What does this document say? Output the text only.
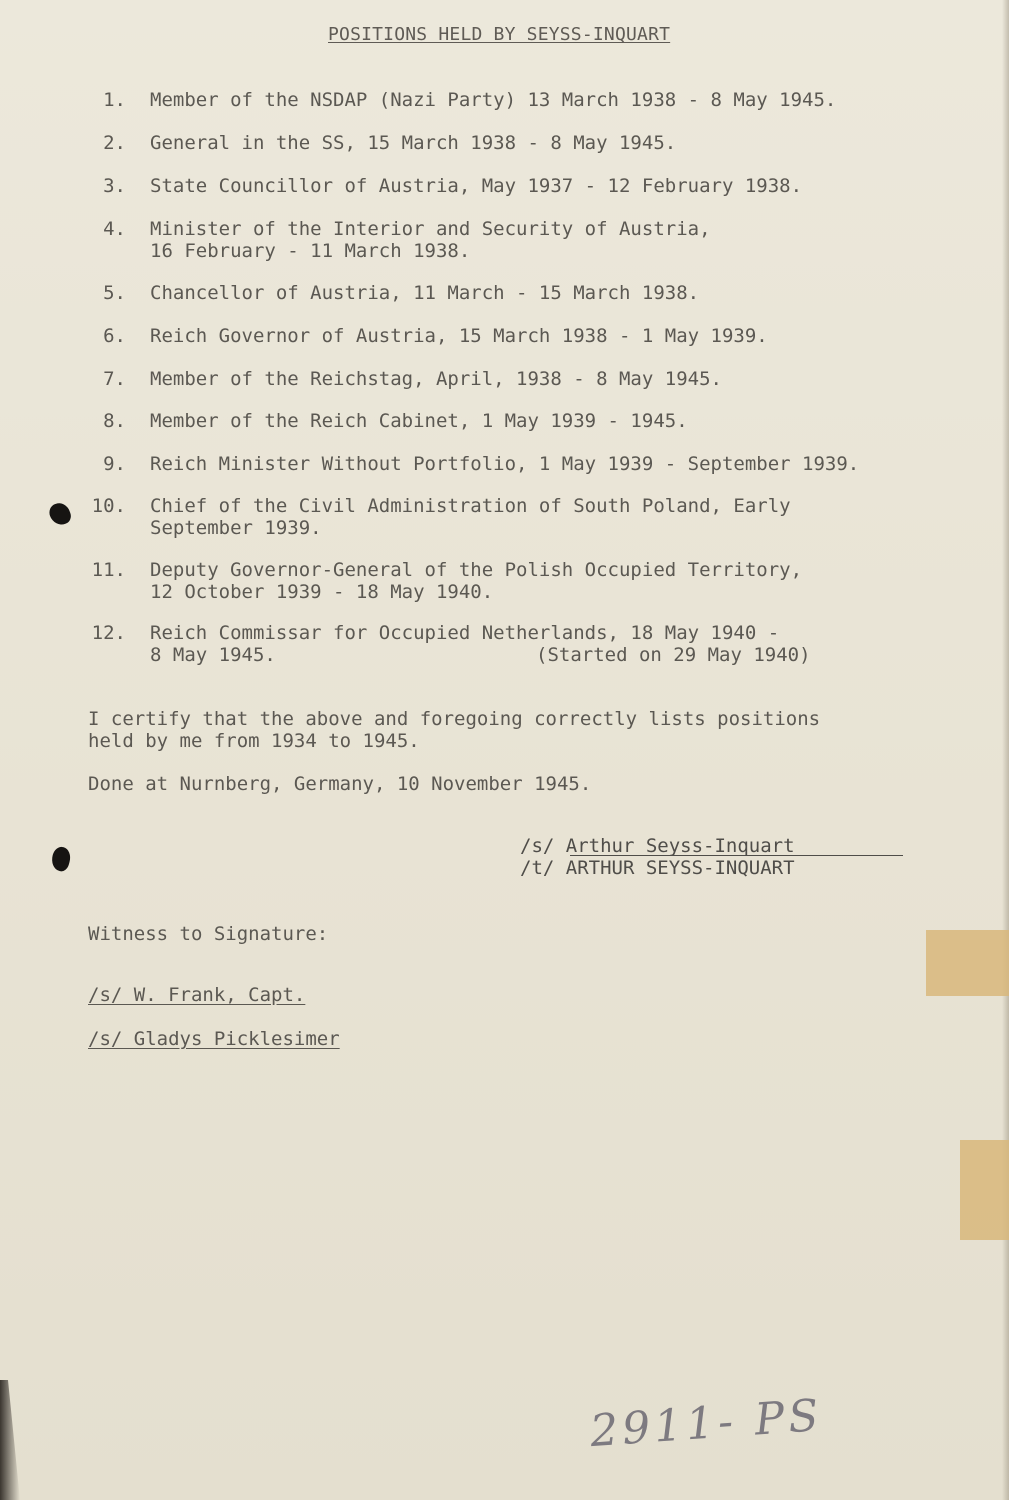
POSITIONS HELD BY SEYSS-INQUART
1. Member of the NSDAP (Nazi Party) 13 March 1938 - 8 May 1945.
2. General in the SS, 15 March 1938 - 8 May 1945.
3. State Councillor of Austria, May 1937 - 12 February 1938.
4. Minister of the Interior and Security of Austria,
16 February - 11 March 1938.
5. Chancellor of Austria, 11 March - 15 March 1938.
6. Reich Governor of Austria, 15 March 1938 - 1 May 1939.
7. Member of the Reichstag, April, 1938 - 8 May 1945.
8. Member of the Reich Cabinet, 1 May 1939 - 1945.
9. Reich Minister Without Portfolio, 1 May 1939 - September 1939.
10. Chief of the Civil Administration of South Poland, Early
September 1939.
11. Deputy Governor-General of the Polish Occupied Territory,
12 October 1939 - 18 May 1940.
12. Reich Commissar for Occupied Netherlands, 18 May 1940 -
8 May 1945.	(Started on 29 May 1940)
I certify that the above and foregoing correctly lists positions
held by me from 1934 to 1945.
Done at Nurnberg, Germany, 10 November 1945.
/s/ Arthur Seyss-Inquart
/t/ ARTHUR SEYSS-INQUART
Witness to Signature:
/s/ W. Frank, Capt.
/s/ Gladys Picklesimer
2911- PS
